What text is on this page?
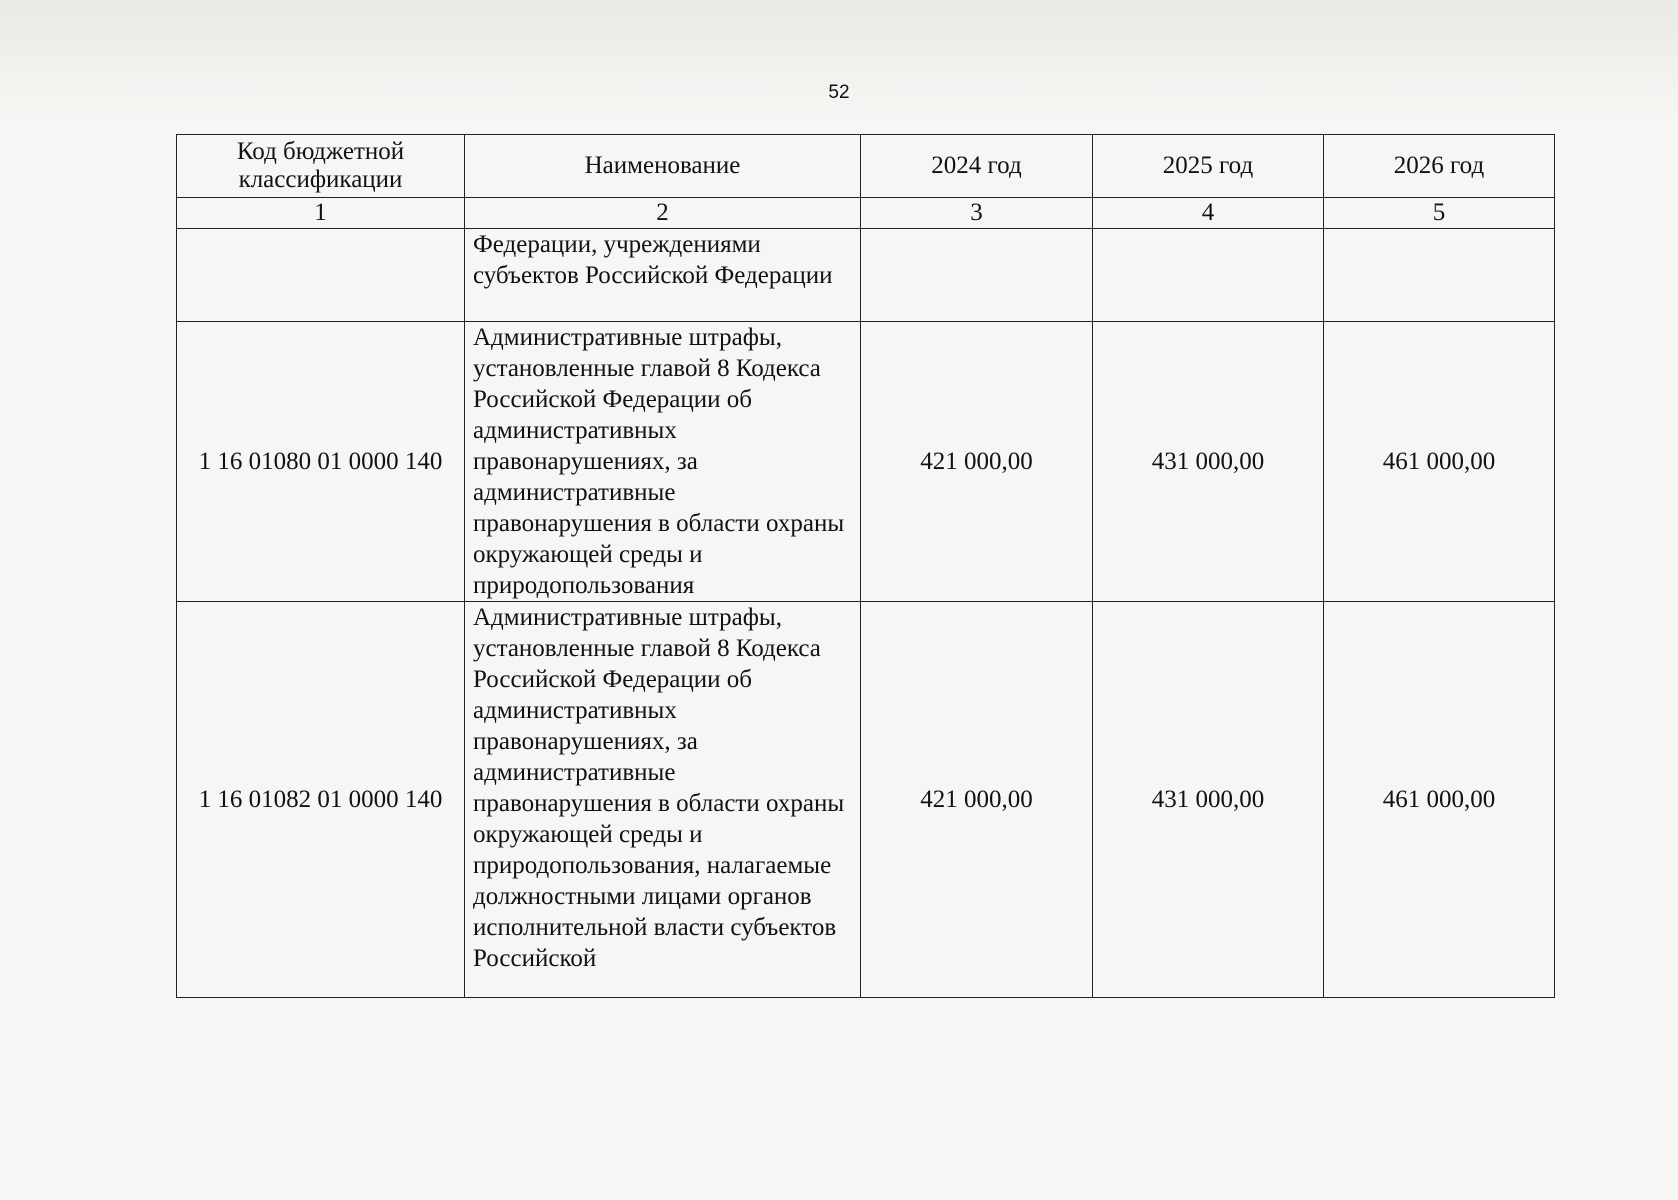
52
Код бюджетной классификации	Наименование	2024 год	2025 год	2026 год
1	2	3	4	5
	Федерации, учреждениями субъектов Российской Федерации			
1 16 01080 01 0000 140	Административные штрафы, установленные главой 8 Кодекса Российской Федерации об административных правонарушениях, за административные правонарушения в области охраны окружающей среды и природопользования	421 000,00	431 000,00	461 000,00
1 16 01082 01 0000 140	Административные штрафы, установленные главой 8 Кодекса Российской Федерации об административных правонарушениях, за административные правонарушения в области охраны окружающей среды и природопользования, налагаемые должностными лицами органов исполнительной власти субъектов Российской	421 000,00	431 000,00	461 000,00
